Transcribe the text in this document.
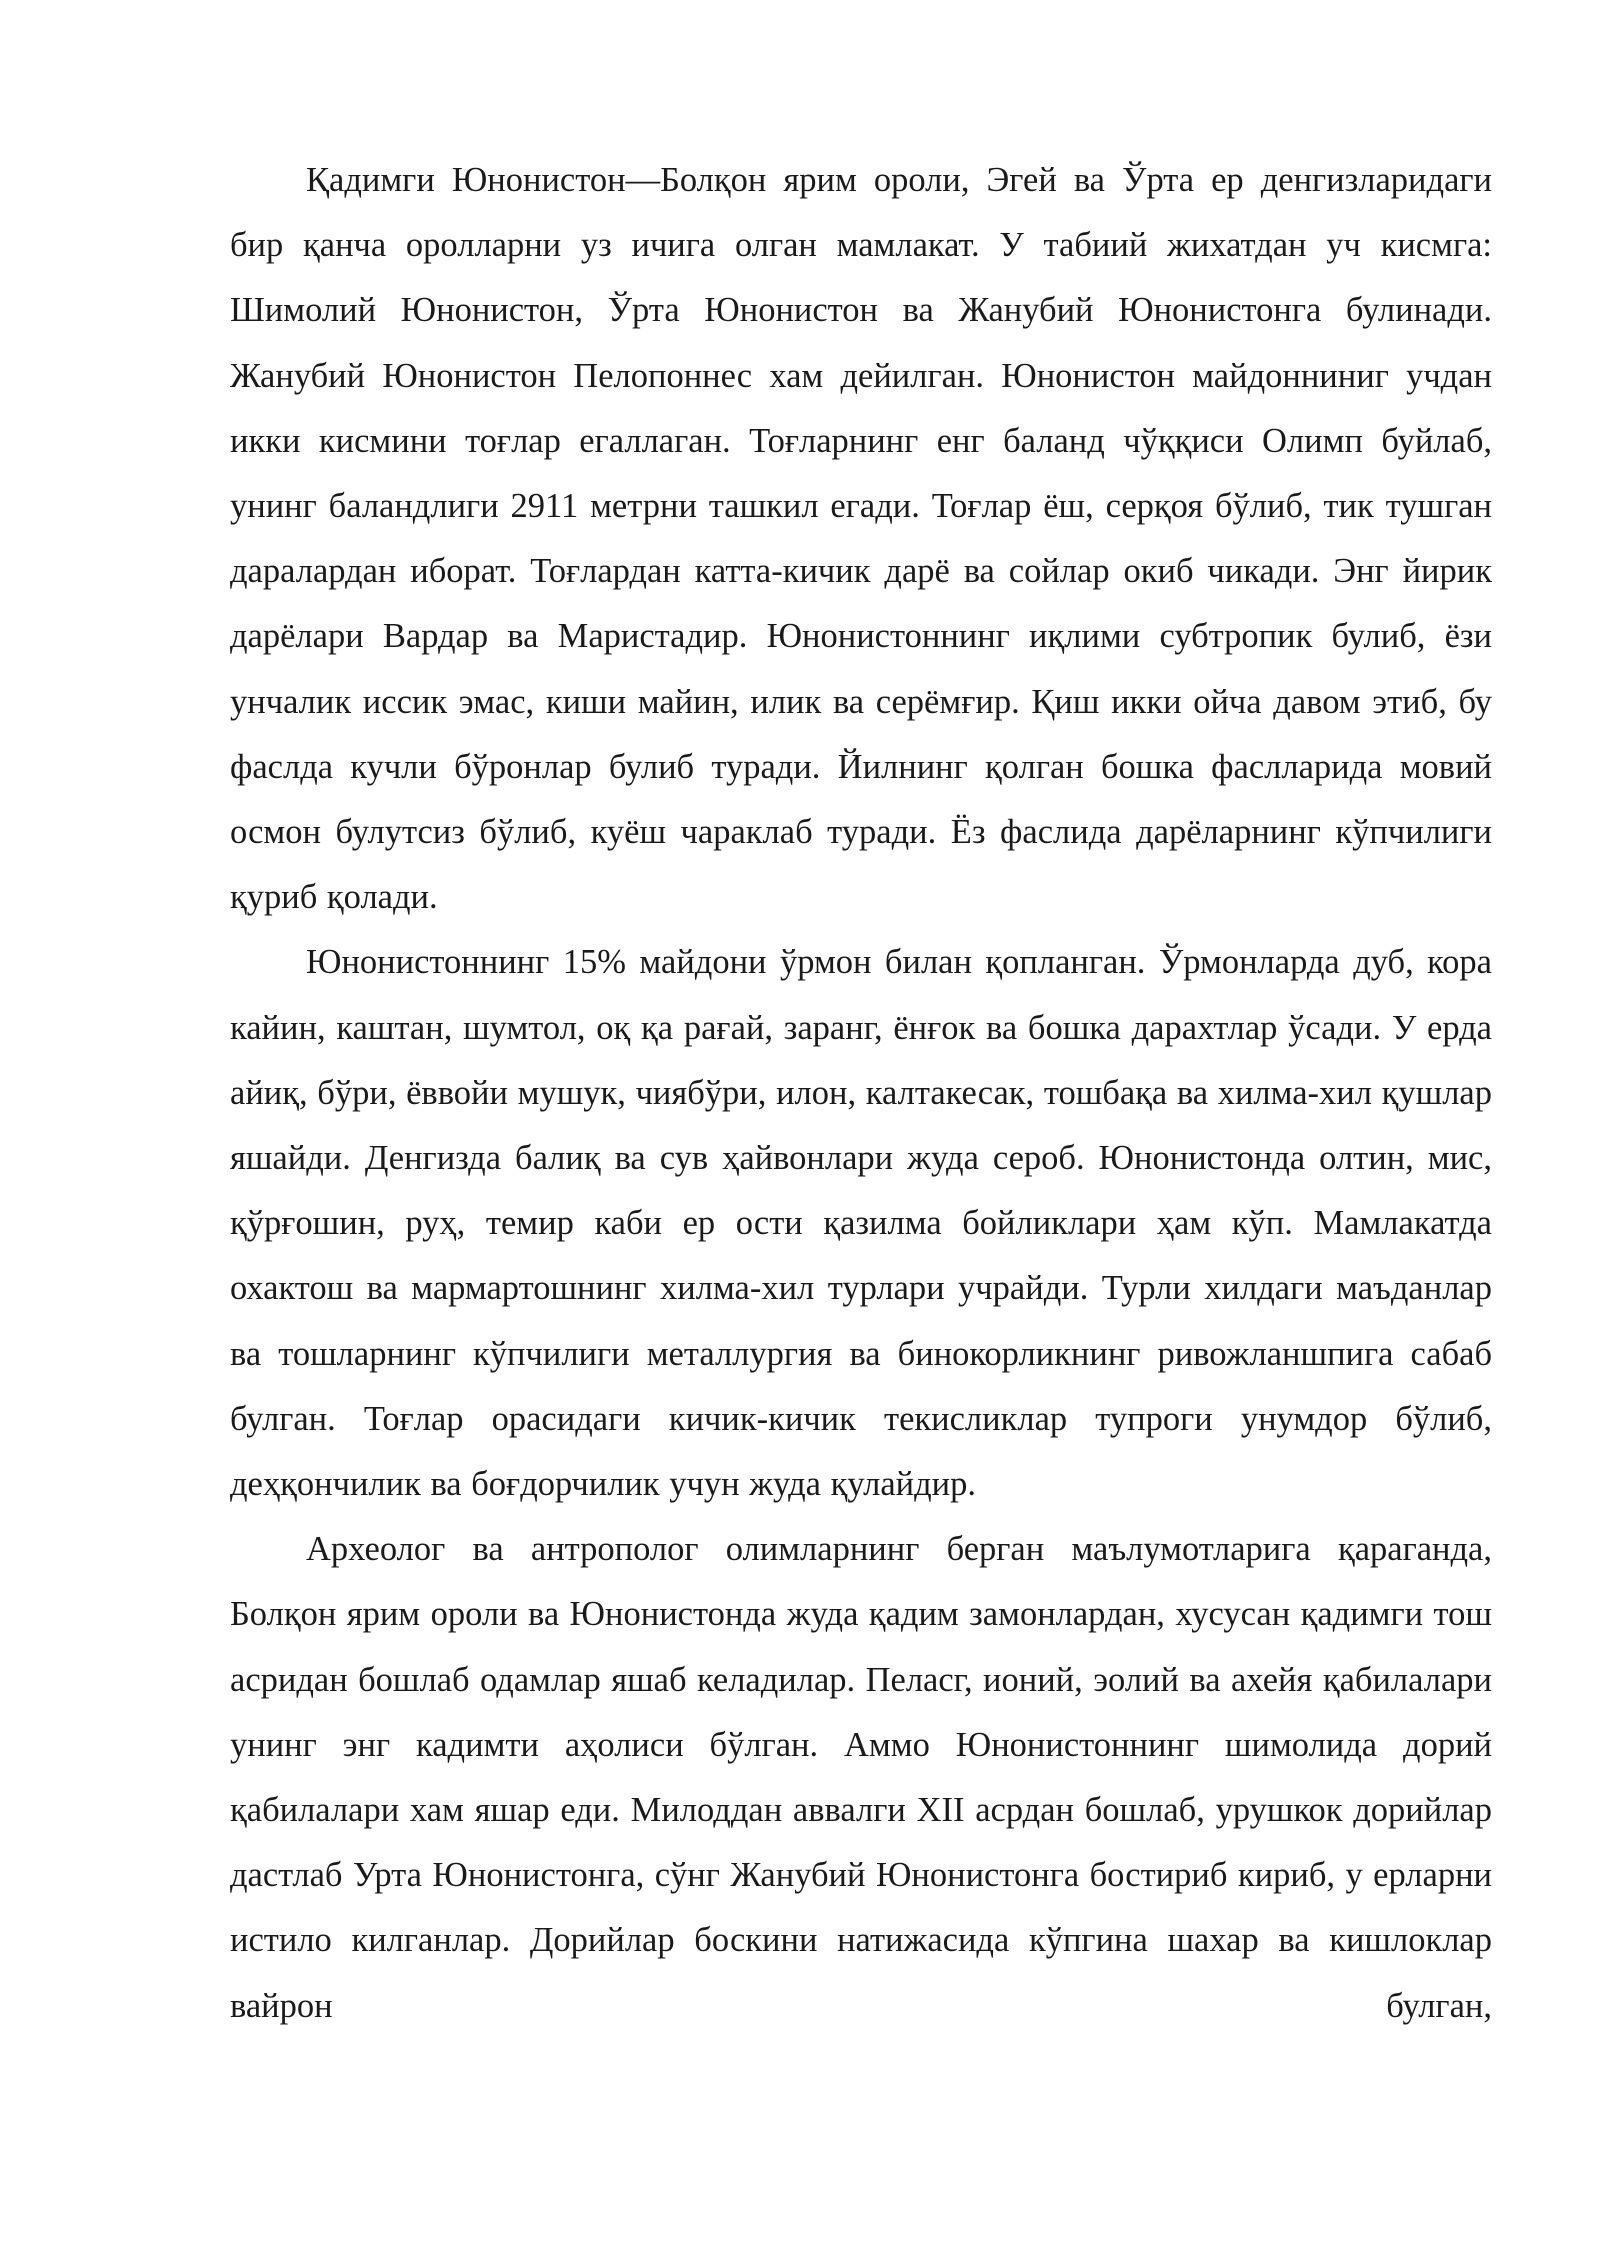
Қадимги Юнонистон—Болқон ярим ороли, Эгей ва Ўрта ер денгизларидаги бир қанча оролларни уз ичига олган мамлакат. У табиий жихатдан уч кисмга: Шимолий Юнонистон, Ўрта Юнонистон ва Жанубий Юнонистонга булинади. Жанубий Юнонистон Пелопоннес хам дейилган. Юнонистон майдонниниг учдан икки кисмини тоғлар егаллаган. Тоғларнинг енг баланд чўққиси Олимп буйлаб, унинг баландлиги 2911 метрни ташкил егади. Тоғлар ёш, серқоя бўлиб, тик тушган даралардан иборат. Тоғлардан катта-кичик дарё ва сойлар окиб чикади. Энг йирик дарёлари Вардар ва Маристадир. Юнонистоннинг иқлими субтропик булиб, ёзи унчалик иссик эмас, киши майин, илик ва серёмғир. Қиш икки ойча давом этиб, бу фаслда кучли бўронлар булиб туради. Йилнинг қолган бошка фаслларида мовий осмон булутсиз бўлиб, куёш чараклаб туради. Ёз фаслида дарёларнинг кўпчилиги қуриб қолади.

Юнонистоннинг 15% майдони ўрмон билан қопланган. Ўрмонларда дуб, кора кайин, каштан, шумтол, оқ қа рағай, заранг, ёнғок ва бошка дарахтлар ўсади. У ерда айиқ, бўри, ёввойи мушук, чиябўри, илон, калтакесак, тошбақа ва хилма-хил қушлар яшайди. Денгизда балиқ ва сув ҳайвонлари жуда сероб. Юнонистонда олтин, мис, қўрғошин, руҳ, темир каби ер ости қазилма бойликлари ҳам кўп. Мамлакатда охактош ва мармартошнинг хилма-хил турлари учрайди. Турли хилдаги маъданлар ва тошларнинг кўпчилиги металлургия ва бинокорликнинг ривожланшпига сабаб булган. Тоғлар орасидаги кичик-кичик текисликлар тупроги унумдор бўлиб, деҳқончилик ва боғдорчилик учун жуда қулайдир.

Археолог ва антрополог олимларнинг берган маълумотларига қараганда, Болқон ярим ороли ва Юнонистонда жуда қадим замонлардан, хусусан қадимги тош асридан бошлаб одамлар яшаб келадилар. Пеласг, ионий, эолий ва ахейя қабилалари унинг энг кадимти аҳолиси бўлган. Аммо Юнонистоннинг шимолида дорий қабилалари хам яшар еди. Милоддан аввалги XII асрдан бошлаб, урушкок дорийлар дастлаб Урта Юнонистонга, сўнг Жанубий Юнонистонга бостириб кириб, у ерларни истило килганлар. Дорийлар боскини натижасида кўпгина шахар ва кишлоклар вайрон булган,
